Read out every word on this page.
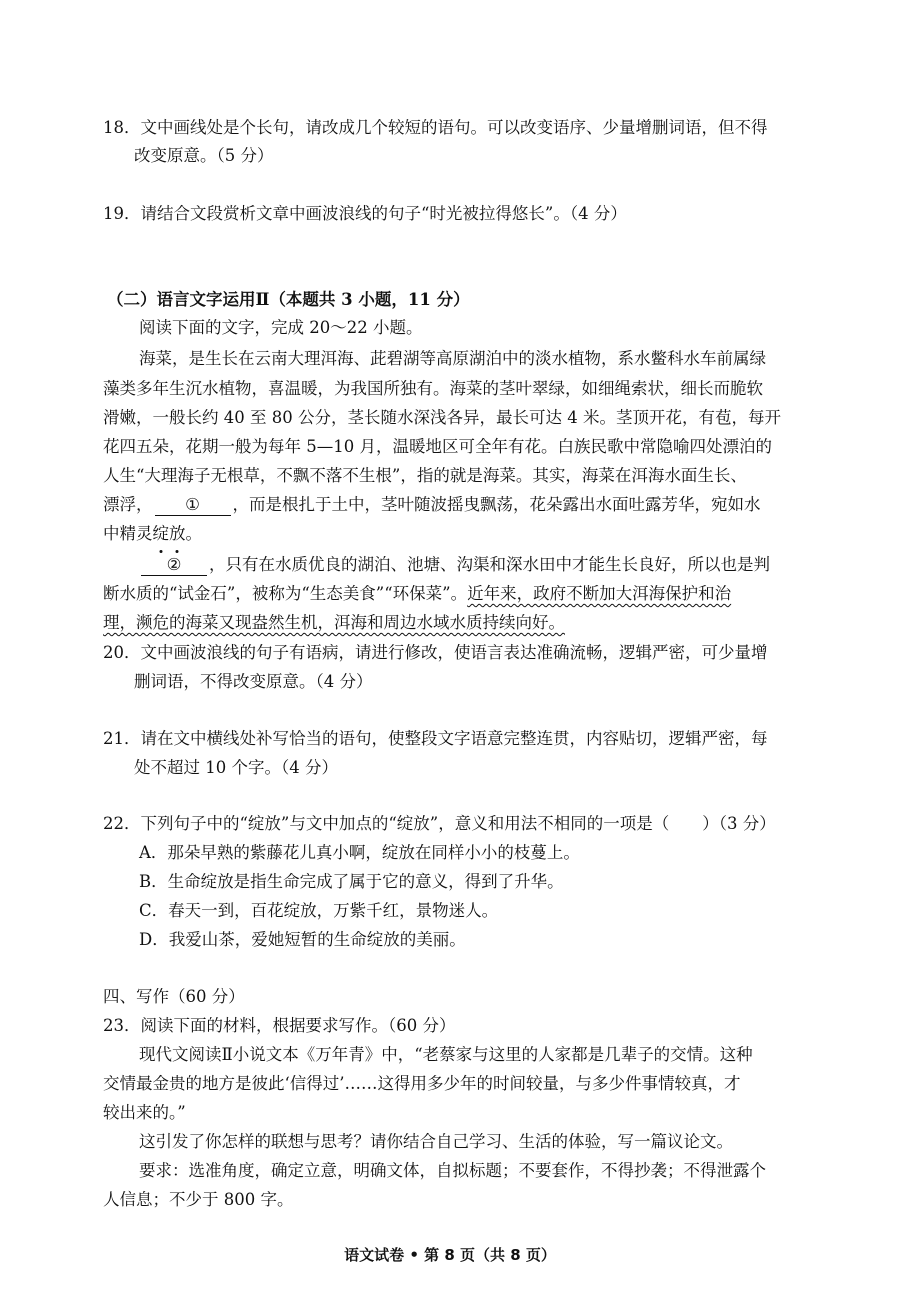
18．文中画线处是个长句，请改成几个较短的语句。可以改变语序、少量增删词语，但不得
改变原意。（5 分）
19．请结合文段赏析文章中画波浪线的句子“时光被拉得悠长”。（4 分）
（二）语言文字运用Ⅱ（本题共 3 小题，11 分）
阅读下面的文字，完成 20～22 小题。
海菜，是生长在云南大理洱海、茈碧湖等高原湖泊中的淡水植物，系水鳖科水车前属绿
藻类多年生沉水植物，喜温暖，为我国所独有。海菜的茎叶翠绿，如细绳索状，细长而脆软
滑嫩，一般长约 40 至 80 公分，茎长随水深浅各异，最长可达 4 米。茎顶开花，有苞，每开
花四五朵，花期一般为每年 5—10 月，温暖地区可全年有花。白族民歌中常隐喻四处漂泊的
人生“大理海子无根草，不飘不落不生根”，指的就是海菜。其实，海菜在洱海水面生长、
漂浮， ① ，而是根扎于土中，茎叶随波摇曳飘荡，花朵露出水面吐露芳华，宛如水
中精灵绽
放
。
② ，只有在水质优良的湖泊、池塘、沟渠和深水田中才能生长良好，所以也是判
断水质的“试金石”，被称为“生态美食”“环保菜”。近年来，政府不断加大洱海保护和治
理，濒危的海菜又现盎然生机，洱海和周边水域水质持续向好。
20．文中画波浪线的句子有语病，请进行修改，使语言表达准确流畅，逻辑严密，可少量增
删词语，不得改变原意。（4 分）
21．请在文中横线处补写恰当的语句，使整段文字语意完整连贯，内容贴切，逻辑严密，每
处不超过 10 个字。（4 分）
22．下列句子中的“绽放”与文中加点的“绽放”，意义和用法不相同的一项是（　　）（3 分）
A．那朵早熟的紫藤花儿真小啊，绽放在同样小小的枝蔓上。
B．生命绽放是指生命完成了属于它的意义，得到了升华。
C．春天一到，百花绽放，万紫千红，景物迷人。
D．我爱山茶，爱她短暂的生命绽放的美丽。
四、写作（60 分）
23．阅读下面的材料，根据要求写作。（60 分）
现代文阅读Ⅱ小说文本《万年青》中，“老蔡家与这里的人家都是几辈子的交情。这种
交情最金贵的地方是彼此‘信得过’……这得用多少年的时间较量，与多少件事情较真，才
较出来的。”
这引发了你怎样的联想与思考？请你结合自己学习、生活的体验，写一篇议论文。
要求：选准角度，确定立意，明确文体，自拟标题；不要套作，不得抄袭；不得泄露个
人信息；不少于 800 字。
语文试卷 • 第 8 页（共 8 页）
